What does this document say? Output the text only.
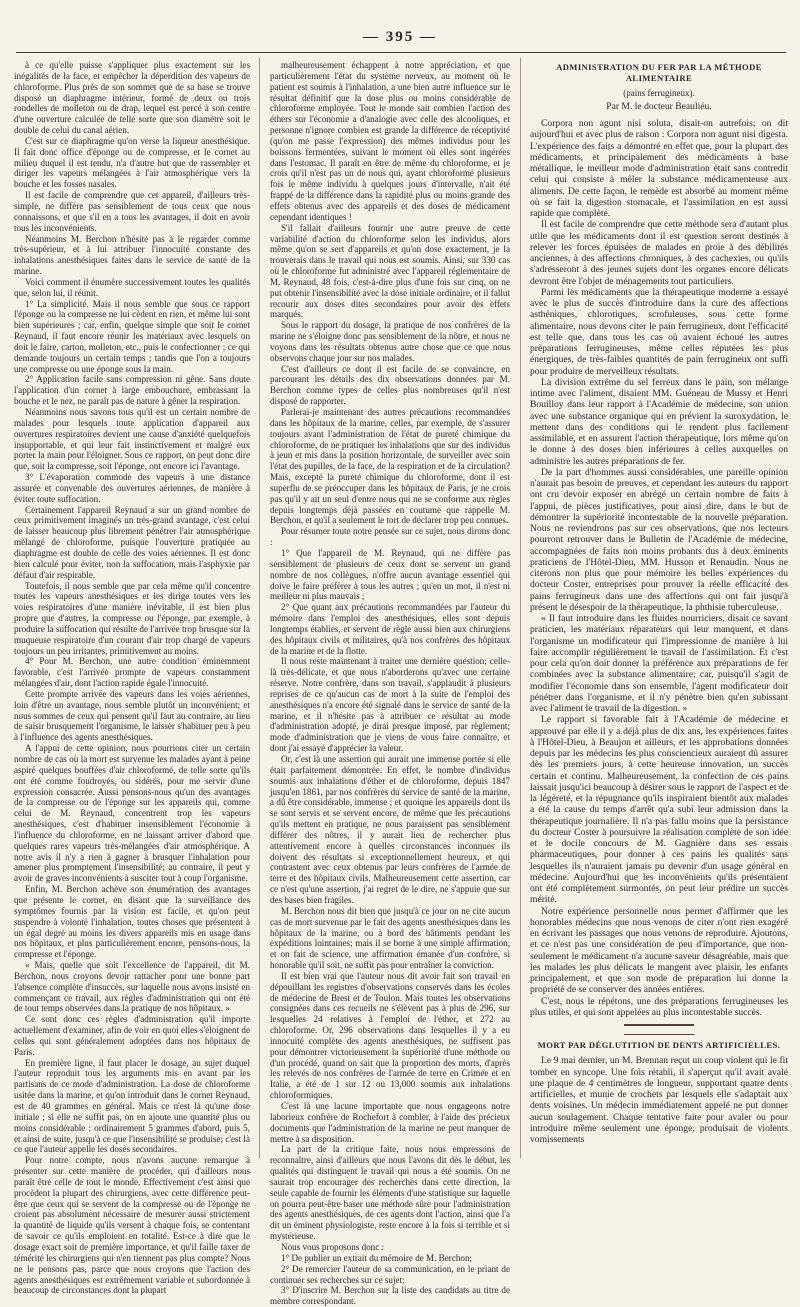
— 395 —

à ce qu'elle puisse s'appliquer plus exactement sur les inégalités de la face, et empêcher la déperdition des vapeurs de chloroforme. Plus près de son sommet que de sa base se trouve disposé un diaphragme intérieur, formé de deux ou trois rondelles de molleton ou de drap, lequel est percé à son centre d'une ouverture calculée de telle sorte que son diamètre soit le double de celui du canal aérien.

C'est sur ce diaphragme qu'on verse la liqueur anesthésique. Il fait donc office d'éponge ou de compresse, et le cornet au milieu duquel il est tendu, n'a d'autre but que de rassembler et diriger les vapeurs mélangées à l'air atmosphérique vers la bouche et les fosses nasales.

Il est facile de comprendre que cet appareil, d'ailleurs très-simple, ne diffère pas sensiblement de tous ceux que nous connaissons, et que s'il en a tous les avantages, il doit en avoir tous les inconvénients.

Néanmoins M. Berchon n'hésite pas à le regarder comme très-supérieur, et à lui attribuer l'innocuité constante des inhalations anesthésiques faites dans le service de santé de la marine.

Voici comment il énumère successivement toutes les qualités que, selon lui, il réunit.

1° La simplicité. Mais il nous semble que sous ce rapport l'éponge ou la compresse ne lui cèdent en rien, et même lui sont bien supérieures ; car, enfin, quelque simple que soit le cornet Reynaud, il faut encore réunir les matériaux avec lesquels on doit le faire, carton, molleton, etc., puis le confectionner ; ce qui demande toujours un certain temps ; tandis que l'on a toujours une compresse ou une éponge sous la main.

2° Application facile sans compression ni gêne. Sans doute l'application d'un cornet à large embouchure, embrassant la bouche et le nez, ne paraît pas de nature à gêner la respiration.

Néanmoins nous savons tous qu'il est un certain nombre de malades pour lesquels toute application d'appareil aux ouvertures respiratoires devient une cause d'anxiété quelquefois insupportable, et qui leur fait instinctivement et malgré eux porter la main pour l'éloigner. Sous ce rapport, on peut donc dire que, soit la compresse, soit l'éponge, ont encore ici l'avantage.

3° L'évaporation commode des vapeurs à une distance assurée et convenable des ouvertures aériennes, de manière à éviter toute suffocation.

Certainement l'appareil Reynaud a sur un grand nombre de ceux primitivement imaginés un très-grand avantage, c'est celui de laisser beaucoup plus librement pénétrer l'air atmosphérique mélangé de chloroforme, puisque l'ouverture pratiquée au diaphragme est double de celle des voies aériennes. Il est donc bien calculé pour éviter, non la suffocation, mais l'asphyxie par défaut d'air respirable.

Toutefois, il nous semble que par cela même qu'il concentre toutes les vapeurs anesthésiques et les dirige toutes vers les voies respiratoires d'une manière inévitable, il est bien plus propre que d'autres, la compresse ou l'éponge, par exemple, à produire la suffocation qui résulte de l'arrivée trop brusque sur la muqueuse respiratoire d'un courant d'air trop chargé de vapeurs toujours un peu irritantes, primitivement au moins.

4° Pour M. Berchon, une autre condition éminemment favorable, c'est l'arrivée prompte de vapeurs constamment mélangées d'air, dont l'action rapide égale l'innocuité.

Cette prompte arrivée des vapeurs dans les voies aériennes, loin d'être un avantage, nous semble plutôt un inconvénient; et nous sommes de ceux qui pensent qu'il faut au contraire, au lieu de saisir brusquement l'organisme, le laisser s'habituer peu à peu à l'influence des agents anesthésiques.

A l'appui de cette opinion, nous pourrions citer un certain nombre de cas où la mort est survenue les malades ayant à peine aspiré quelques bouffées d'air chloroformé, de telle sorte qu'ils ont été comme foudroyés, ou sidérés, pour me servir d'une expression consacrée. Aussi pensons-nous qu'un des avantages de la compresse ou de l'éponge sur les appareils qui, comme celui de M. Reynaud, concentrent trop les vapeurs anesthésiques, c'est d'habituer insensiblement l'économie à l'influence du chloroforme, en ne laissant arriver d'abord que quelques rares vapeurs très-mélangées d'air atmosphérique. A notre avis il n'y a rien à gagner à brusquer l'inhalation pour amener plus promptement l'insensibilité; au contraire, il peut y avoir de graves inconvénients à susciter tout à coup l'organisme.

Enfin, M. Berchon achève son énumération des avantages que présente le cornet, en disant que la surveillance des symptômes fournis par la vision est facile, et qu'on peut suspendre à volonté l'inhalation, toutes choses que présentent à un égal degré au moins les divers appareils mis en usage dans nos hôpitaux, et plus particulièrement encore, pensons-nous, la compresse et l'éponge.

« Mais, quelle que soit l'excellence de l'appareil, dit M. Berchon, nous croyons devoir rattacher pour une bonne part l'absence complète d'insuccès, sur laquelle nous avons insisté en commençant ce travail, aux règles d'administration qui ont été de tout temps observées dans la pratique de nos hôpitaux. »

Ce sont donc ces règles d'administration qu'il importe actuellement d'examiner, afin de voir en quoi elles s'éloignent de celles qui sont généralement adoptées dans nos hôpitaux de Paris.

En première ligne, il faut placer le dosage, au sujet duquel l'auteur reproduit tous les arguments mis en avant par les partisans de ce mode d'administration. La dose de chloroforme usitée dans la marine, et qu'on introduit dans le cornet Reynaud, est de 40 grammes en général. Mais ce n'est là qu'une dose initiale ; si elle ne suffit pas, on en ajoute une quantité plus ou moins considérable : ordinairement 5 grammes d'abord, puis 5, et ainsi de suite, jusqu'à ce que l'insensibilité se produise; c'est là ce que l'auteur appelle les doses secondaires.

Pour notre compte, nous n'avons aucune remarque à présenter sur cette manière de procéder, qui d'ailleurs nous paraît être celle de tout le monde. Effectivement c'est ainsi que procèdent la plupart des chirurgiens, avec cette différence peut-être que ceux qui se servent de la compresse ou de l'éponge ne croient pas absolument nécessaire de mesurer aussi strictement la quantité de liquide qu'ils versent à chaque fois, se contentant de savoir ce qu'ils emploient en totalité. Est-ce à dire que le dosage exact soit de première importance, et qu'il faille taxer de témérité les chirurgiens qui n'en tiennent pas plus compte? Nous ne le pensons pas, parce que nous croyons que l'action des agents anesthésiques est extrêmement variable et subordonnée à beaucoup de circonstances dont la plupart

malheureusement échappent à notre appréciation, et que particulièrement l'état du système nerveux, au moment où le patient est soumis à l'inhalation, a une bien autre influence sur le résultat définitif que la dose plus ou moins considérable de chloroforme employée. Tout le monde sait combien l'action des éthers sur l'économie a d'analogie avec celle des alcooliques, et personne n'ignore combien est grande la différence de réceptivité (qu'on me passe l'expression) des mêmes individus pour les boissons fermentées, suivant le moment où elles sont ingérées dans l'estomac. Il paraît en être de même du chloroforme, et je crois qu'il n'est pas un de nous qui, ayant chloroformé plusieurs fois le même individu à quelques jours d'intervalle, n'ait été frappé de la différence dans la rapidité plus ou moins grande des effets obtenus avec des appareils et des doses de médicament cependant identiques !

S'il fallait d'ailleurs fournir une autre preuve de cette variabilité d'action du chloroforme selon les individus, alors même qu'on se sert d'appareils et qu'on dose exactement, je la trouverais dans le travail qui nous est soumis. Ainsi, sur 330 cas où le chloroforme fut administré avec l'appareil réglementaire de M. Reynaud, 48 fois, c'est-à-dire plus d'une fois sur cinq, on ne put obtenir l'insensibilité avec la dose initiale ordinaire, et il fallut recourir aux doses dites secondaires pour avoir des effets marqués.

Sous le rapport du dosage, la pratique de nos confrères de la marine ne s'éloigne donc pas sensiblement de la nôtre, et nous ne voyons dans les résultats obtenus autre chose que ce que nous observons chaque jour sur nos malades.

C'est d'ailleurs ce dont il est facile de se convaincre, en parcourant les détails des dix observations données par M. Berchon comme types de celles plus nombreuses qu'il n'est disposé de rapporter.

Parlerai-je maintenant des autres précautions recommandées dans les hôpitaux de la marine, celles, par exemple, de s'assurer toujours avant l'administration de l'état de pureté chimique du chloroforme, de ne pratiquer les inhalations que sur des individus à jeun et mis dans la position horizontale, de surveiller avec soin l'état des pupilles, de la face, de la respiration et de la circulation? Mais, excepté la pureté chimique du chloroforme, dont il est superflu de se préoccuper dans les hôpitaux de Paris, je ne crois pas qu'il y ait un seul d'entre nous qui ne se conforme aux règles depuis longtemps déjà passées en coutume que rappelle M. Berchon, et qu'il a seulement le tort de déclarer trop peu connues.

Pour résumer toute notre pensée sur ce sujet, nous dirons donc :

1° Que l'appareil de M. Reynaud, qui ne diffère pas sensiblement de plusieurs de ceux dont se servent un grand nombre de nos collègues, n'offre aucun avantage essentiel qui doive le faire préférer à tous les autres ; qu'en un mot, il n'est ni meilleur ni plus mauvais ;

2° Que quant aux précautions recommandées par l'auteur du mémoire dans l'emploi des anesthésiques, elles sont depuis longtemps établies, et servent de règle aussi bien aux chirurgiens des hôpitaux civils et militaires, qu'à nos confrères des hôpitaux de la marine et de la flotte.

Il nous reste maintenant à traiter une dernière question; celle-là très-délicate, et que nous n'aborderons qu'avec une certaine réserve. Notre confrère, dans son travail, s'applaudit à plusieurs reprises de ce qu'aucun cas de mort à la suite de l'emploi des anesthésiques n'a encore été signalé dans le service de santé de la marine, et il n'hésite pas à attribuer ce résultat au mode d'administration adopté, je dirai presque imposé, par règlement; mode d'administration que je viens de vous faire connaître, et dont j'ai essayé d'apprécier la valeur.

Or, c'est là une assertion qui aurait une immense portée si elle était parfaitement démontrée. En effet, le nombre d'individus soumis aux inhalations d'éther et de chloroforme, depuis 1847 jusqu'en 1861, par nos confrères du service de santé de la marine, a dû être considérable, immense ; et quoique les appareils dont ils se sont servis et se servent encore, de même que les précautions qu'ils mettent en pratique, ne nous paraissent pas sensiblement différer des nôtres, il y aurait lieu de rechercher plus attentivement encore à quelles circonstances inconnues ils doivent des résultats si exceptionnellement heureux, et qui contrastent avec ceux obtenus par leurs confrères de l'armée de terre et des hôpitaux civils. Malheureusement cette assertion, car ce n'est qu'une assertion, j'ai regret de le dire, ne s'appuie que sur des bases bien fragiles.

M. Berchon nous dit bien que jusqu'à ce jour on ne cite aucun cas de mort survenue par le fait des agents anesthésiques dans les hôpitaux de la marine, ou à bord des bâtiments pendant les expéditions lointaines; mais il se borne à une simple affirmation, et on fait de science, une affirmation émanée d'un confrère, si honorable qu'il soit, ne suffit pas pour entraîner la conviction.

Il est bien vrai que l'auteur nous dit avoir fait son travail en dépouillant les registres d'observations conservés dans les écoles de médecine de Brest et de Toulon. Mais toutes les observations consignées dans ces recueils ne s'élèvent pas à plus de 296, sur lesquelles 24 relatives à l'emploi de l'éther, et 272 au chloroforme. Or, 296 observations dans lesquelles il y a eu innocuité complète des agents anesthésiques, ne suffisent pas pour démontrer victorieusement la supériorité d'une méthode ou d'un procédé, quand on sait que la proportion des morts, d'après les relevés de nos confrères de l'armée de terre en Crimée et en Italie, a été de 1 sur 12 ou 13,000 soumis aux inhalations chloroformiques.

C'est là une lacune importante que nous engageons notre laborieux confrère de Rochefort à combler, à l'aide des précieux documents que l'administration de la marine ne peut manquer de mettre à sa disposition.

La part de la critique faite, nous nous empressons de reconnaître, ainsi d'ailleurs que nous l'avons dit dès le début, les qualités qui distinguent le travail qui nous a été soumis. On ne saurait trop encourager des recherches dans cette direction, la seule capable de fournir les éléments d'une statistique sur laquelle on pourra peut-être baser une méthode sûre pour l'administration des agents anesthésiques, de ces agents dont l'action, ainsi que l'a dit un éminent physiologiste, reste encore à la fois si terrible et si mystérieuse.

Nous vous proposons donc :

1° De publier un extrait du mémoire de M. Berchon;

2° De remercier l'auteur de sa communication, en le priant de continuer ses recherches sur ce sujet;

3° D'inscrire M. Berchon sur la liste des candidats au titre de membre correspondant.

ADMINISTRATION DU FER PAR LA MÉTHODE ALIMENTAIRE

(pains ferrugineux).

Par M. le docteur Beauliéu.

Corpora non agunt nisi soluta, disait-on autrefois; on dit aujourd'hui et avec plus de raison : Corpora non agunt nisi digesta. L'expérience des faits a démontré en effet que, pour la plupart des médicaments, et principalement des médicaments à base métallique, le meilleur mode d'administration était sans contredit celui qui consiste à mêler la substance médicamenteuse aux aliments. De cette façon, le remède est absorbé au moment même où se fait la digestion stomacale, et l'assimilation en est aussi rapide que complète.

Il est facile de comprendre que cette méthode sera d'autant plus utile que les médicaments dont il est question seront destinés à relever les forces épuisées de malades en proie à des débilités anciennes, à des affections chroniques, à des cachexies, ou qu'ils s'adresseront à des jeunes sujets dont les organes encore délicats devront être l'objet de ménagements tout particuliers.

Parmi les médicaments que la thérapeutique moderne a essayé avec le plus de succès d'introduire dans la cure des affections asthéniques, chlorotiques, scrofuleuses, sous cette forme alimentaire, nous devons citer le pain ferrugineux, dont l'efficacité est telle que, dans tous les cas où avaient échoué les autres préparations ferrugineuses, même celles réputées les plus énergiques, de très-faibles quantités de pain ferrugineux ont suffi pour produire de merveilleux résultats.

La division extrême du sel ferreux dans le pain, son mélange intime avec l'aliment, disaient MM. Guéneau de Mussy et Henri Bouilloy dans leur rapport à l'Académie de médecine, son union avec une substance organique qui en prévient la suroxydation, le mettent dans des conditions qui le rendent plus facilement assimilable, et en assurent l'action thérapeutique, lors même qu'on le donne à des doses bien inférieures à celles auxquelles on administre les autres préparations de fer.

De la part d'hommes aussi considérables, une pareille opinion n'aurait pas besoin de preuves, et cependant les auteurs du rapport ont cru devoir exposer en abrégé un certain nombre de faits à l'appui, de pièces justificatives, pour ainsi dire, dans le but de démontrer la supériorité incontestable de la nouvelle préparation. Nous ne reviendrons pas sur ces observations, que nos lecteurs pourront retrouver dans le Bulletin de l'Académie de médecine, accompagnées de faits non moins probants dus à deux éminents praticiens de l'Hôtel-Dieu, MM. Husson et Renaudin. Nous ne citerons non plus que pour mémoire les belles expériences du docteur Coster, entreprises pour prouver la réelle efficacité des pains ferrugineux dans une des affections qui ont fait jusqu'à présent le désespoir de la thérapeutique, la phthisie tuberculeuse.

« Il faut introduire dans les fluides nourriciers, disait ce savant praticien, les matériaux réparateurs qui leur manquent, et dans l'organisme un modificateur qui l'impressionne de manière à lui faire accomplir régulièrement le travail de l'assimilation. Et c'est pour cela qu'on doit donner la préférence aux préparations de fer combinées avec la substance alimentaire; car, puisqu'il s'agit de modifier l'économie dans son ensemble, l'agent modificateur doit pénétrer dans l'organisme, et il n'y pénètre bien qu'en subissant avec l'aliment le travail de la digestion. »

Le rapport si favorable fait à l'Académie de médecine et approuvé par elle il y a déjà plus de dix ans, les expériences faites à l'Hôtel-Dieu, à Beaujon et ailleurs, et les approbations données depuis par les médecins les plus consciencieux auraient dû assurer dès les premiers jours, à cette heureuse innovation, un succès certain et continu. Malheureusement, la confection de ces pains laissait jusqu'ici beaucoup à désirer sous le rapport de l'aspect et de la légèreté, et la répugnance qu'ils inspiraient bientôt aux malades a été la cause du temps d'arrêt qu'a subi leur admission dans la thérapeutique journalière. Il n'a pas fallu moins que la persistance du docteur Coster à poursuivre la réalisation complète de son idée et le docile concours de M. Gagnière dans ses essais pharmaceutiques, pour donner à ces pains les qualités sans lesquelles ils n'auraient jamais pu devenir d'un usage général en médecine. Aujourd'hui que les inconvénients qu'ils présentaient ont été complètement surmontés, on peut leur prédire un succès mérité.

Notre expérience personnelle nous permet d'affirmer que les honorables médecins que nous venons de citer n'ont rien exagéré en écrivant les passages que nous venons de reproduire. Ajoutons, et ce n'est pas une considération de peu d'importance, que non-seulement le médicament n'a aucune saveur désagréable, mais que les malades les plus délicats le mangent avec plaisir, les enfants principalement, et que son mode de préparation lui donne la propriété de se conserver des années entières.

C'est, nous le répétons, une des préparations ferrugineuses les plus utiles, et qui sont appelées au plus incontestable succès.

MORT PAR DÉGLUTITION DE DENTS ARTIFICIELLES.

Le 9 mai dernier, un M. Brennan reçut un coup violent qui le fit tomber en syncope. Une fois rétabli, il s'aperçut qu'il avait avalé une plaque de 4 centimètres de longueur, supportant quatre dents artificielles, et munie de crochets par lesquels elle s'adaptait aux dents voisines. Un médecin immédiatement appelé ne put donner aucun soulagement. Chaque tentative faite pour avaler ou pour introduire même seulement une éponge, produisait de violents vomissements
